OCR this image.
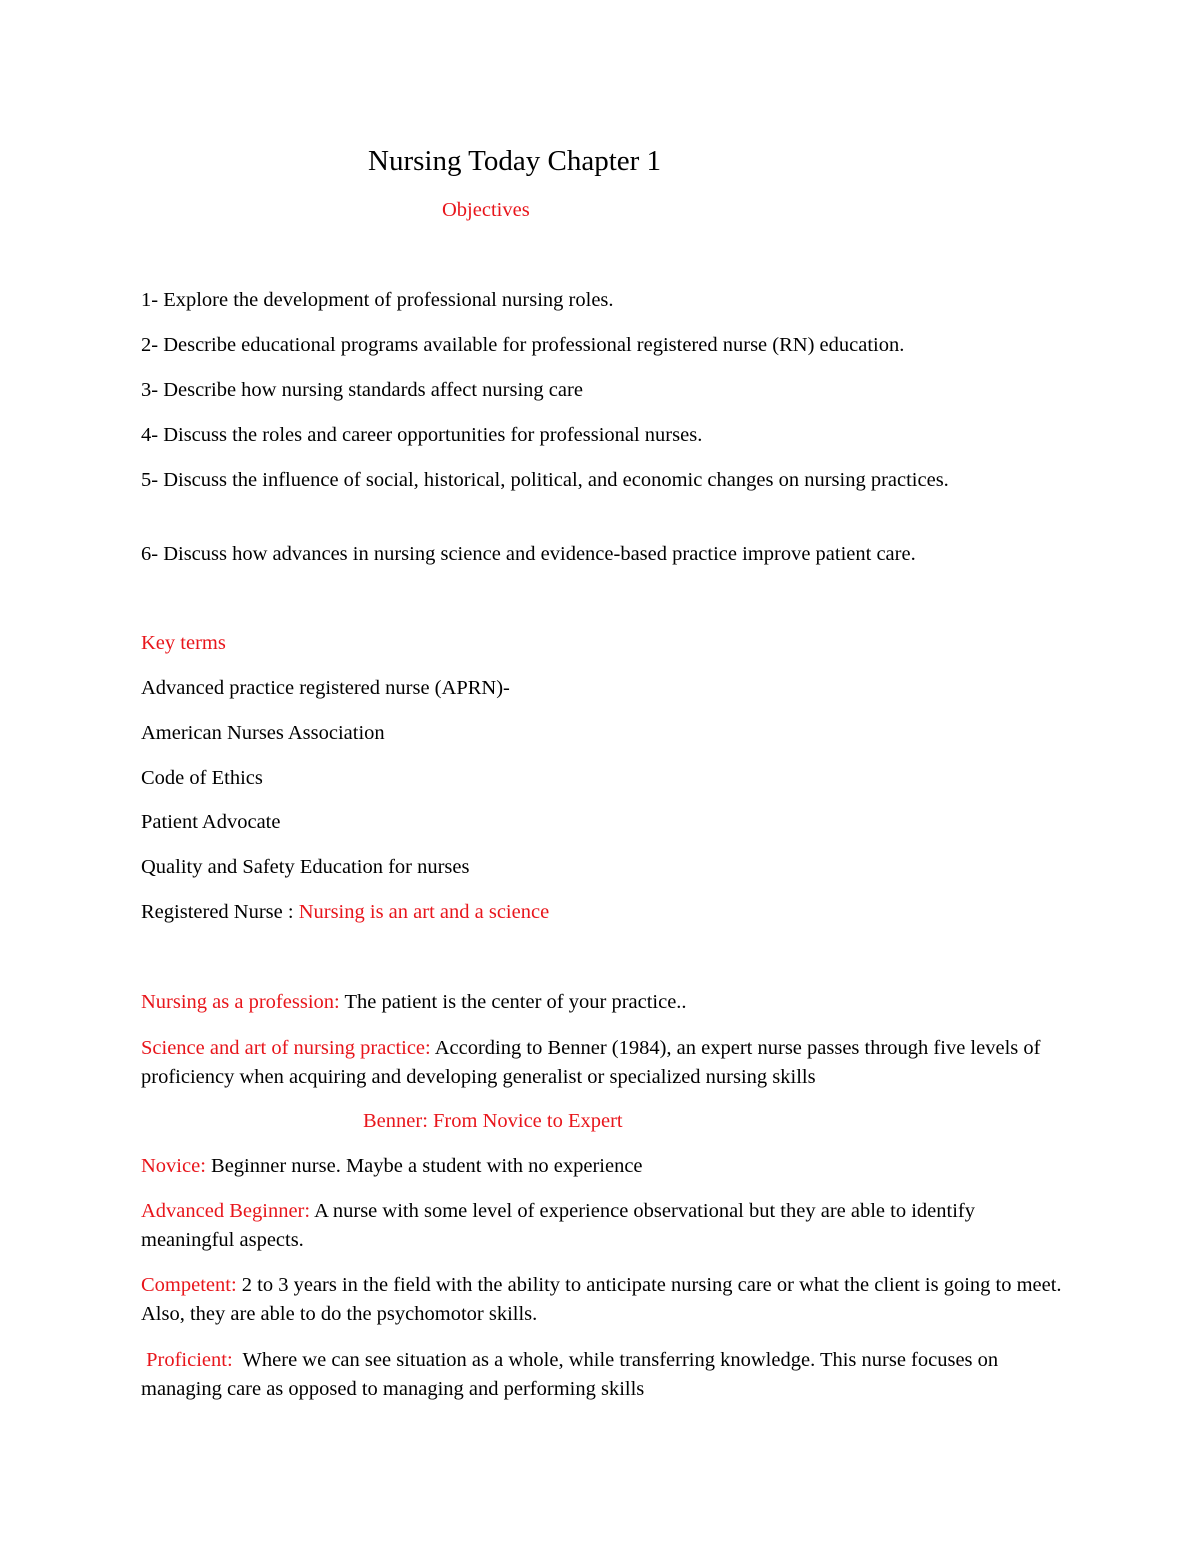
Nursing Today Chapter 1
Objectives
1- Explore the development of professional nursing roles.
2- Describe educational programs available for professional registered nurse (RN) education.
3- Describe how nursing standards affect nursing care
4- Discuss the roles and career opportunities for professional nurses.
5- Discuss the influence of social, historical, political, and economic changes on nursing practices.
6- Discuss how advances in nursing science and evidence-based practice improve patient care.
Key terms
Advanced practice registered nurse (APRN)-
American Nurses Association
Code of Ethics
Patient Advocate
Quality and Safety Education for nurses
Registered Nurse : Nursing is an art and a science
Nursing as a profession: The patient is the center of your practice..
Science and art of nursing practice: According to Benner (1984), an expert nurse passes through five levels of proficiency when acquiring and developing generalist or specialized nursing skills
Benner: From Novice to Expert
Novice: Beginner nurse. Maybe a student with no experience
Advanced Beginner: A nurse with some level of experience observational but they are able to identify meaningful aspects.
Competent: 2 to 3 years in the field with the ability to anticipate nursing care or what the client is going to meet. Also, they are able to do the psychomotor skills.
Proficient:  Where we can see situation as a whole, while transferring knowledge. This nurse focuses on managing care as opposed to managing and performing skills
